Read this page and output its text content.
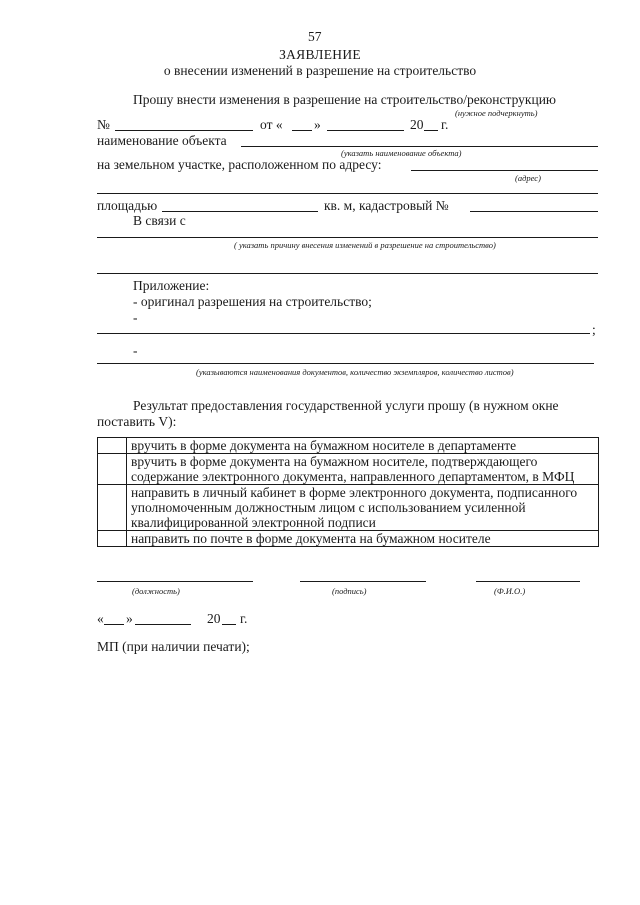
57
ЗАЯВЛЕНИЕ
о внесении изменений в разрешение на строительство
Прошу внести изменения в разрешение на строительство/реконструкцию
(нужное подчеркнуть)
№	от « »	20 г.
наименование объекта
(указать наименование объекта)
на земельном участке, расположенном по адресу:
(адрес)
площадью	кв. м, кадастровый №
В связи с
( указать причину внесения изменений в разрешение на строительство)
Приложение:
- оригинал разрешения на строительство;
-
;
-
(указываются наименования документов, количество экземпляров, количество листов)
Результат предоставления государственной услуги прошу (в нужном окне
поставить V):
	вручить в форме документа на бумажном носителе в департаменте
	вручить в форме документа на бумажном носителе, подтверждающего содержание электронного документа, направленного департаментом, в МФЦ
	направить в личный кабинет в форме электронного документа, подписанного уполномоченным должностным лицом с использованием усиленной квалифицированной электронной подписи
	направить по почте в форме документа на бумажном носителе
(должность)	(подпись)	(Ф.И.О.)
« »	20 г.
МП (при наличии печати);
